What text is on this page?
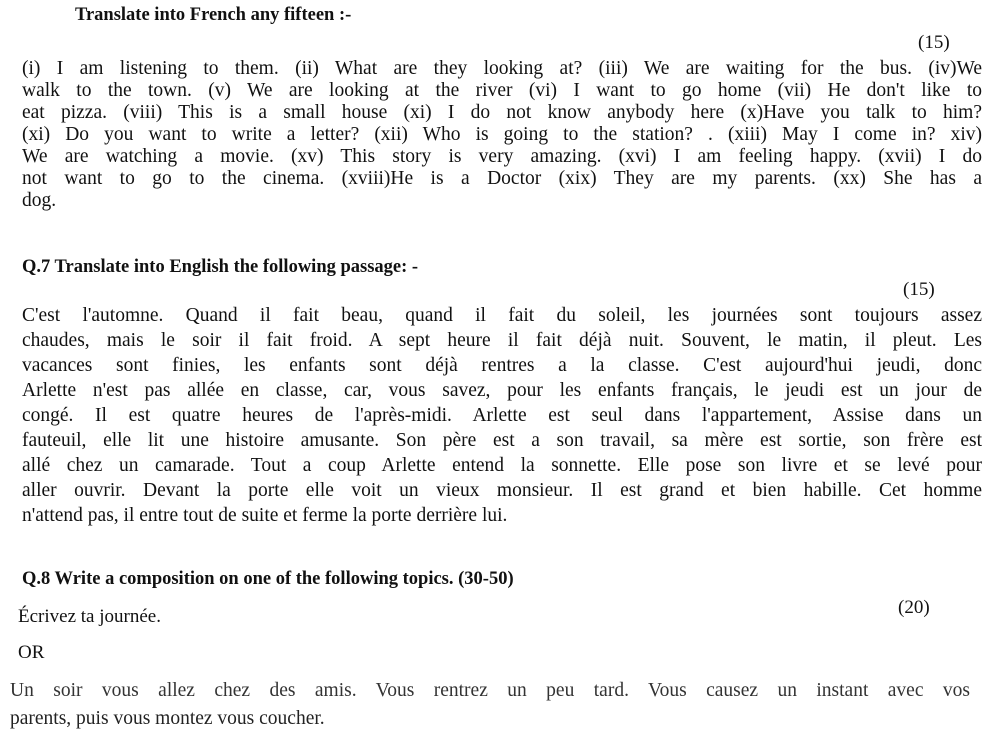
Translate into French any fifteen :-
(15)
(i) I am listening to them. (ii) What are they looking at? (iii) We are waiting for the bus. (iv)We
walk to the town. (v) We are looking at the river (vi) I want to go home (vii) He don't like to
eat pizza. (viii) This is a small house (xi) I do not know anybody here (x)Have you talk to him?
(xi) Do you want to write a letter? (xii) Who is going to the station? . (xiii) May I come in? xiv)
We are watching a movie. (xv) This story is very amazing. (xvi) I am feeling happy. (xvii) I do
not want to go to the cinema. (xviii)He is a Doctor (xix) They are my parents. (xx) She has a
dog.
Q.7 Translate into English the following passage: -
(15)
C'est l'automne. Quand il fait beau, quand il fait du soleil, les journées sont toujours assez
chaudes, mais le soir il fait froid. A sept heure il fait déjà nuit. Souvent, le matin, il pleut. Les
vacances sont finies, les enfants sont déjà rentres a la classe. C'est aujourd'hui jeudi, donc
Arlette n'est pas allée en classe, car, vous savez, pour les enfants français, le jeudi est un jour de
congé. Il est quatre heures de l'après-midi. Arlette est seul dans l'appartement, Assise dans un
fauteuil, elle lit une histoire amusante. Son père est a son travail, sa mère est sortie, son frère est
allé chez un camarade. Tout a coup Arlette entend la sonnette. Elle pose son livre et se levé pour
aller ouvrir. Devant la porte elle voit un vieux monsieur. Il est grand et bien habille. Cet homme
n'attend pas, il entre tout de suite et ferme la porte derrière lui.
Q.8 Write a composition on one of the following topics. (30-50)
(20)
Écrivez ta journée.
OR
Un soir vous allez chez des amis. Vous rentrez un peu tard. Vous causez un instant avec vos
parents, puis vous montez vous coucher.
